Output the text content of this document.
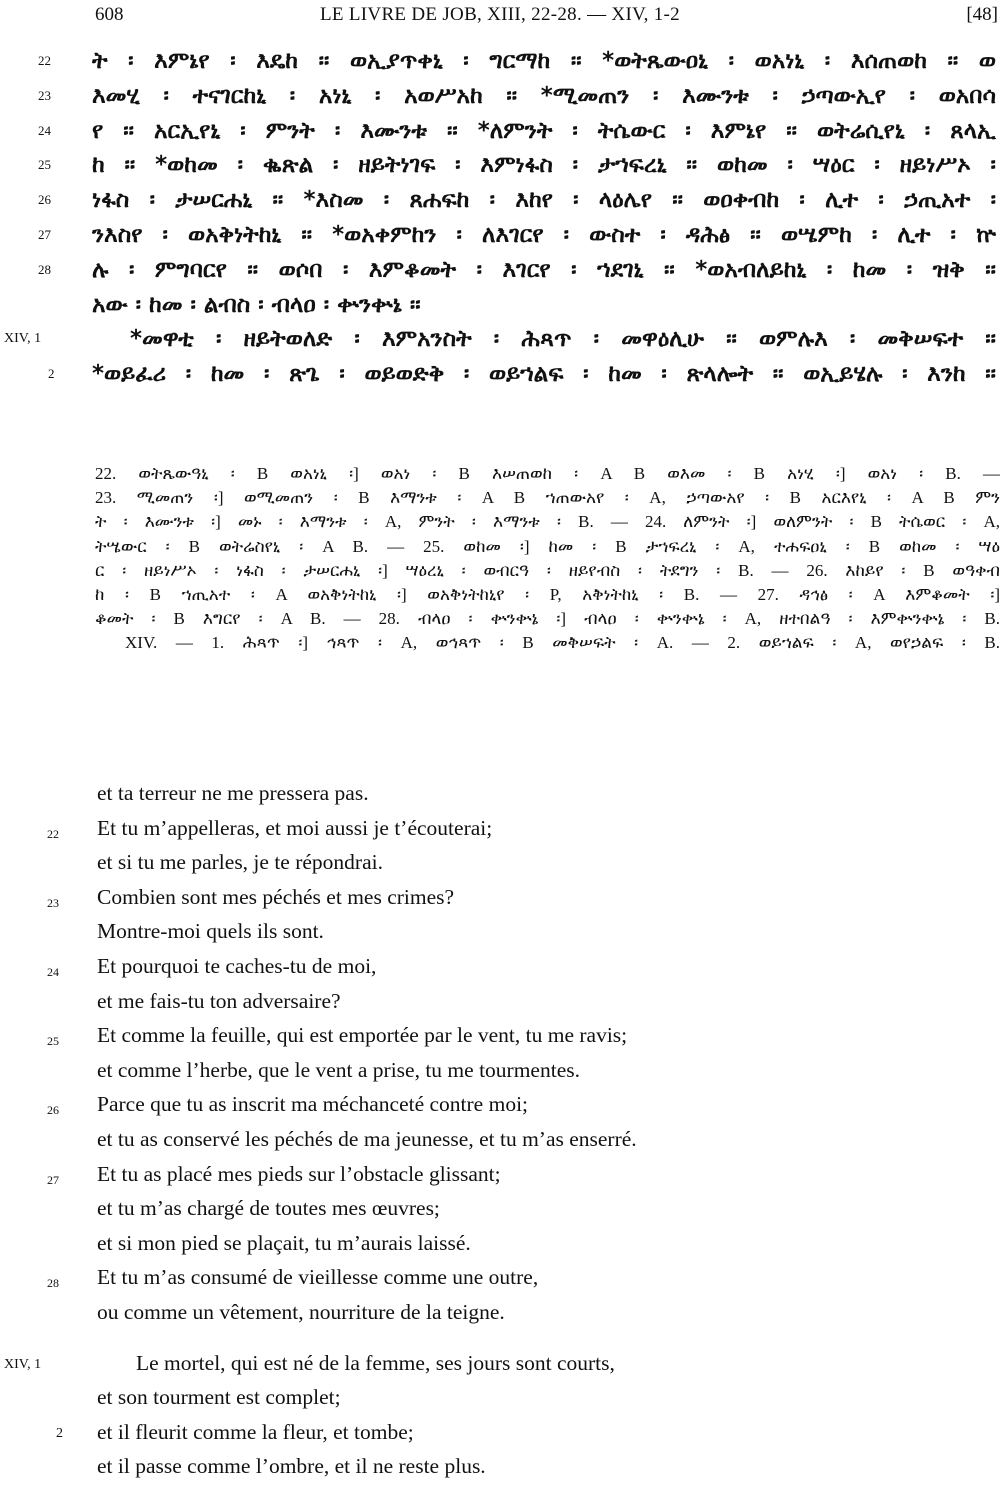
608	LE LIVRE DE JOB, XIII, 22-28. — XIV, 1-2	[48]
22 ት ፡ እምኔየ ፡ እዴከ ። ወኢያጥቀኒ ፡ ግርማከ ። *ወትጼውዐኒ ፡ ወአነኒ ፡ እሰጠወከ ። ወ
23 እመሂ ፡ ተናገርከኒ ፡ አነኒ ፡ አወሥአከ ። *ሚመጠን ፡ እሙንቱ ፡ ኃጣውኢየ ፡ ወአበሳ
24 የ ። አርኢየኒ ፡ ምንት ፡ እሙንቱ ። *ለምንት ፡ ትሴውር ፡ እምኔየ ። ወትሬሲየኒ ፡ ጸላኢ
25 ከ ። *ወከመ ፡ ቈጽል ፡ ዘይትነገፍ ፡ እምነፋስ ፡ ታኀፍረኒ ። ወከመ ፡ ሣዕር ፡ ዘይነሥኦ ፡
26 ነፋስ ፡ ታሠርሐኒ ። *እስመ ፡ ጸሐፍከ ፡ እከየ ፡ ላዕሌየ ። ወዐቀብከ ፡ ሊተ ፡ ኃጢአተ ፡
27 ንእስየ ፡ ወአቅነትከኒ ። *ወአቀምከን ፡ ለእገርየ ፡ ውስተ ፡ ዳሕፅ ። ወሤምከ ፡ ሊተ ፡ ኵ
28 ሉ ፡ ምግባርየ ። ወሶበ ፡ እምቆመት ፡ እገርየ ፡ ኀደገኒ ። *ወአብለይከኒ ፡ ከመ ፡ ዝቅ ።
አው ፡ ከመ ፡ ልብስ ፡ ብላዐ ፡ ቍንቍኔ ።
XIV, 1	*መዋቲ ፡ ዘይትወለድ ፡ እምአንስት ፡ ሕጻጥ ፡ መዋዕሊሁ ። ወምሉእ ፡ መቅሠፍተ ።
2 *ወይፈሪ ፡ ከመ ፡ ጽጌ ፡ ወይወድቅ ፡ ወይኀልፍ ፡ ከመ ፡ ጽላሎት ። ወኢይሄሉ ፡ እንከ ።
22. ወትጼውዓኒ ፡ B ወአነኒ ፡] ወአነ ፡ B እሠጠወከ ፡ A B ወእመ ፡ B አነሂ ፡] ወአነ ፡ B. —
23. ሚመጠን ፡] ወሚመጠን ፡ B እማንቱ ፡ A B ኀጠውአየ ፡ A, ኃጣውአየ ፡ B አርእየኒ ፡ A B ምን
ት ፡ እሙንቱ ፡] መኑ ፡ እማንቱ ፡ A, ምንት ፡ እማንቱ ፡ B. — 24. ለምንት ፡] ወለምንት ፡ B ትሴወር ፡ A,
ትሤውር ፡ B ወትሬስየኒ ፡ A B. — 25. ወከመ ፡] ከመ ፡ B ታኀፍረኒ ፡ A, ተሐፍዐኒ ፡ B ወከመ ፡ ሣዕ
ር ፡ ዘይነሥኦ ፡ ነፋስ ፡ ታሠርሐኒ ፡] ሣዕረኒ ፡ ወብርዓ ፡ ዘይየብስ ፡ ትደግን ፡ B. — 26. እከይየ ፡ B ወዓቀብ
ከ ፡ B ኀጢአተ ፡ A ወአቅነትከኒ ፡] ወአቅነትከኒየ ፡ P, አቅነትከኒ ፡ B. — 27. ዳኅፅ ፡ A እምቆመት ፡]
ቆመት ፡ B እግርየ ፡ A B. — 28. ብላዐ ፡ ቍንቍኔ ፡] ብላዐ ፡ ቍንቍኔ ፡ A, ዘተበልዓ ፡ እምቍንቍኔ ፡ B.
XIV. — 1. ሕጻጥ ፡] ኅጻጥ ፡ A, ወኅጻጥ ፡ B መቅሠፍት ፡ A. — 2. ወይኀልፍ ፡ A, ወየኃልፍ ፡ B.
et ta terreur ne me pressera pas.
22 Et tu m’appelleras, et moi aussi je t’écouterai;
et si tu me parles, je te répondrai.
23 Combien sont mes péchés et mes crimes?
Montre-moi quels ils sont.
24 Et pourquoi te caches-tu de moi,
et me fais-tu ton adversaire?
25 Et comme la feuille, qui est emportée par le vent, tu me ravis;
et comme l’herbe, que le vent a prise, tu me tourmentes.
26 Parce que tu as inscrit ma méchanceté contre moi;
et tu as conservé les péchés de ma jeunesse, et tu m’as enserré.
27 Et tu as placé mes pieds sur l’obstacle glissant;
et tu m’as chargé de toutes mes œuvres;
et si mon pied se plaçait, tu m’aurais laissé.
28 Et tu m’as consumé de vieillesse comme une outre,
ou comme un vêtement, nourriture de la teigne.
XIV, 1	Le mortel, qui est né de la femme, ses jours sont courts,
et son tourment est complet;
2 et il fleurit comme la fleur, et tombe;
et il passe comme l’ombre, et il ne reste plus.
